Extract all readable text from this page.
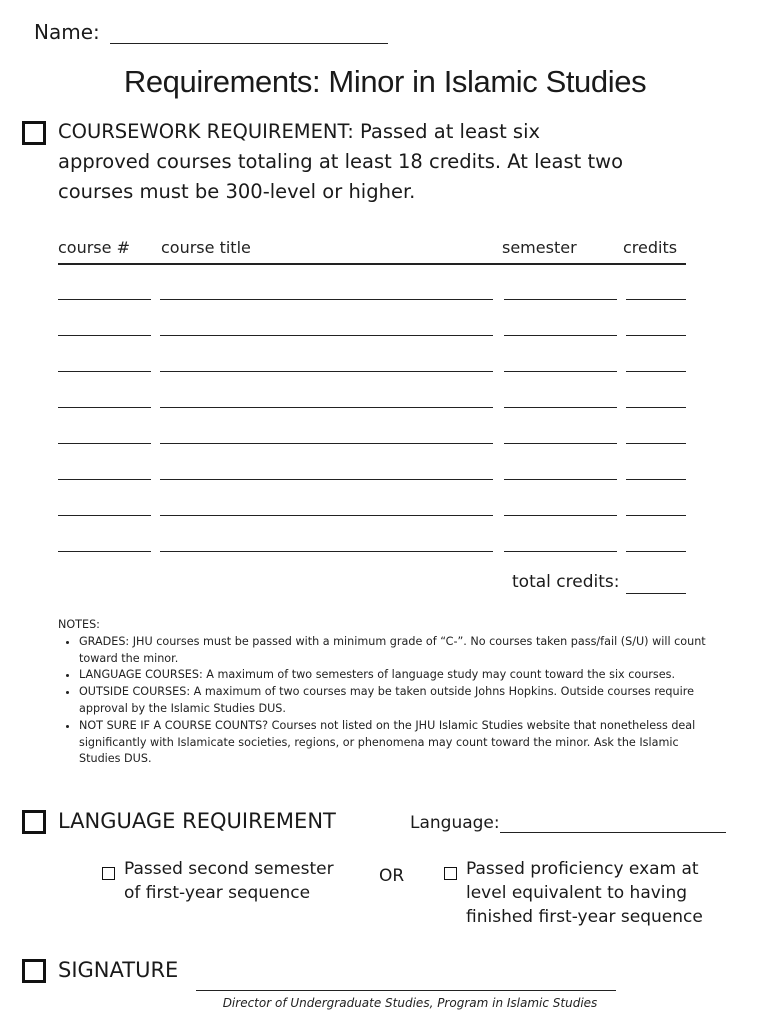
Name:
Requirements: Minor in Islamic Studies
COURSEWORK REQUIREMENT: Passed at least six
approved courses totaling at least 18 credits. At least two
courses must be 300-level or higher.
course # course title	semester	credits
total credits:
NOTES:
• GRADES: JHU courses must be passed with a minimum grade of “C-”. No courses taken pass/fail (S/U) will count toward the minor.
• LANGUAGE COURSES: A maximum of two semesters of language study may count toward the six courses.
• OUTSIDE COURSES: A maximum of two courses may be taken outside Johns Hopkins. Outside courses require approval by the Islamic Studies DUS.
• NOT SURE IF A COURSE COUNTS? Courses not listed on the JHU Islamic Studies website that nonetheless deal significantly with Islamicate societies, regions, or phenomena may count toward the minor. Ask the Islamic Studies DUS.
LANGUAGE REQUIREMENT	Language:
Passed second semester
of first-year sequence
OR	Passed proficiency exam at
level equivalent to having
finished first-year sequence
SIGNATURE
Director of Undergraduate Studies, Program in Islamic Studies
